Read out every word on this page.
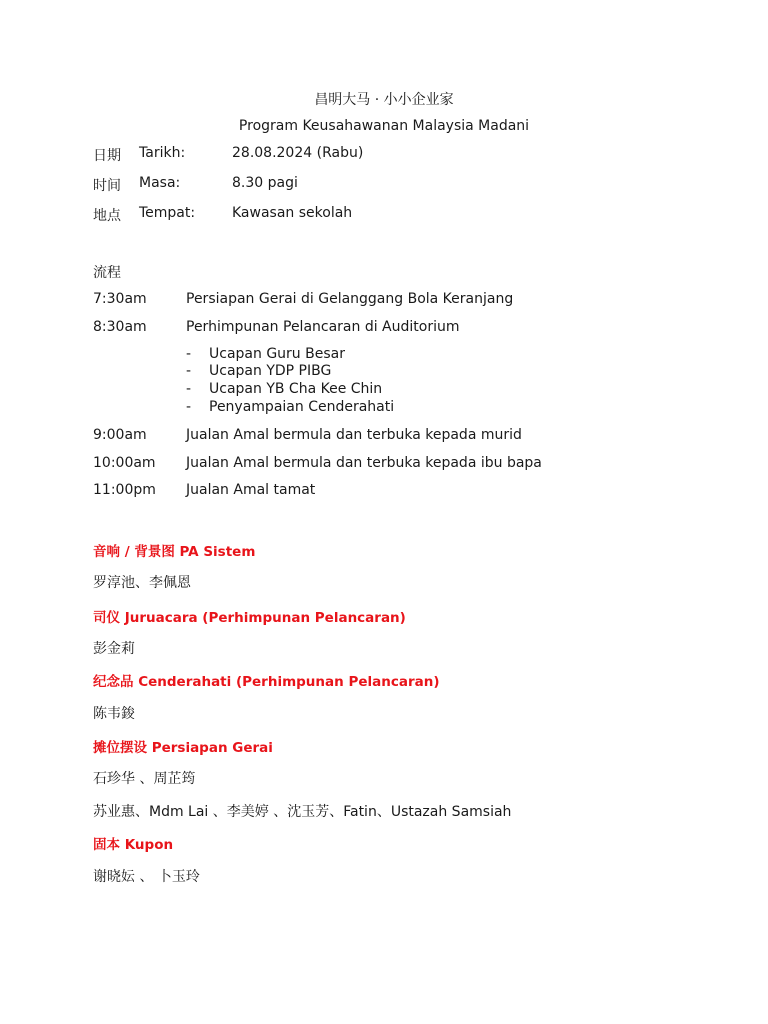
昌明大马 · 小小企业家
Program Keusahawanan Malaysia Madani
日期 Tarikh:	28.08.2024 (Rabu)
时间 Masa:	8.30 pagi
地点 Tempat:	Kawasan sekolah
流程
7:30am	Persiapan Gerai di Gelanggang Bola Keranjang
8:30am	Perhimpunan Pelancaran di Auditorium
- Ucapan Guru Besar
- Ucapan YDP PIBG
- Ucapan YB Cha Kee Chin
- Penyampaian Cenderahati
9:00am	Jualan Amal bermula dan terbuka kepada murid
10:00am Jualan Amal bermula dan terbuka kepada ibu bapa
11:00pm Jualan Amal tamat
音响 / 背景图 PA Sistem
罗淳池、李佩恩
司仪 Juruacara (Perhimpunan Pelancaran)
彭金莉
纪念品 Cenderahati (Perhimpunan Pelancaran)
陈韦鋑
摊位摆设 Persiapan Gerai
石珍华 、周芷筠
苏业惠、Mdm Lai 、李美婷 、沈玉芳、Fatin、Ustazah Samsiah
固本 Kupon
谢晓妘 、 卜玉玲
